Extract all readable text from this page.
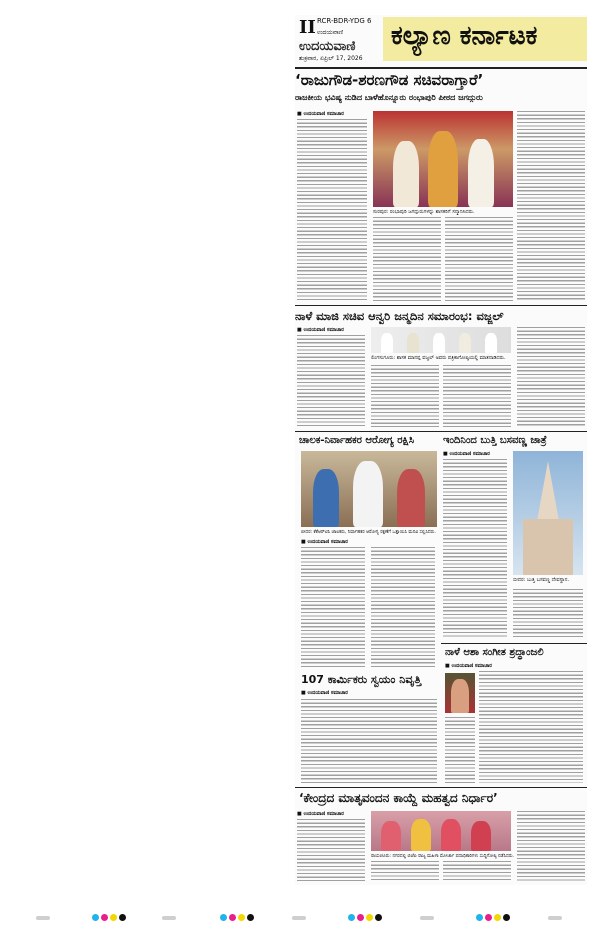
II RCR-BDR-YDG 6
ಉದಯವಾಣಿ
ಉದಯವಾಣಿ
ಶುಕ್ರವಾರ, ಏಪ್ರಿಲ್ 17, 2026
ಕಲ್ಯಾಣ ಕರ್ನಾಟಕ
‘ರಾಜುಗೌಡ-ಶರಣಗೌಡ ಸಚಿವರಾಗ್ತಾರೆ’
ರಾಜಕೀಯ ಭವಿಷ್ಯ ನುಡಿದ ಬಾಳೆಹೊನ್ನೂರು ರಂಭಾಪುರಿ ಪೀಠದ ಜಗದ್ಗುರು
■ ಉದಯವಾಣಿ ಸಮಾಚಾರ
ಸುರಪುರ: ರಂಭಾಪುರಿ ಜಗದ್ಗುರುಗಳನ್ನು ಶಾಸಕರಿಗೆ ಸನ್ಮಾನಿಸಿದರು.
ನಾಳೆ ಮಾಜಿ ಸಚಿವ ಆನ್ವರಿ ಜನ್ಮದಿನ ಸಮಾರಂಭ: ವಜ್ಜಲ್
■ ಉದಯವಾಣಿ ಸಮಾಚಾರ
ಲಿಂಗಸುಗೂರು: ಶಾಸಕ ಮಾನಪ್ಪ ವಜ್ಜಲ್ ಅವರು ಪತ್ರಿಕಾಗೋಷ್ಠಿಯಲ್ಲಿ ಮಾತನಾಡಿದರು.
ಚಾಲಕ-ನಿರ್ವಾಹಕರ ಆರೋಗ್ಯ ರಕ್ಷಿಸಿ
ಬೀದರ: ಕೆಕೆಆರ್‌ಟಿಸಿ ಚಾಲಕರು, ನಿರ್ವಾಹಕರ ಆರೋಗ್ಯ ರಕ್ಷಣೆಗೆ ಒತ್ತಾಯಿಸಿ ಮನವಿ ಸಲ್ಲಿಸಿದರು.
■ ಉದಯವಾಣಿ ಸಮಾಚಾರ
ಇಂದಿನಿಂದ ಬುತ್ತಿ ಬಸವಣ್ಣ ಜಾತ್ರೆ
■ ಉದಯವಾಣಿ ಸಮಾಚಾರ
ಬೀದರ: ಬುತ್ತಿ ಬಸವಣ್ಣ ದೇವಸ್ಥಾನ.
ನಾಳೆ ಆಶಾ ಸಂಗೀತ ಶ್ರದ್ಧಾಂಜಲಿ
■ ಉದಯವಾಣಿ ಸಮಾಚಾರ
107 ಕಾರ್ಮಿಕರು ಸ್ವಯಂ ನಿವೃತ್ತಿ
■ ಉದಯವಾಣಿ ಸಮಾಚಾರ
‘ಕೇಂದ್ರದ ಮಾತೃವಂದನ ಕಾಯ್ದೆ ಮಹತ್ವದ ನಿರ್ಧಾರ’
■ ಉದಯವಾಣಿ ಸಮಾಚಾರ
ರಾಯಚೂರು: ನಗರದಲ್ಲಿ ಬಿಜೆಪಿ ರಾಜ್ಯ ಮಹಿಳಾ ಮೋರ್ಚಾ ಪದಾಧಿಕಾರಿಗಳು ಸುದ್ದಿಗೋಷ್ಠಿ ನಡೆಸಿದರು.
